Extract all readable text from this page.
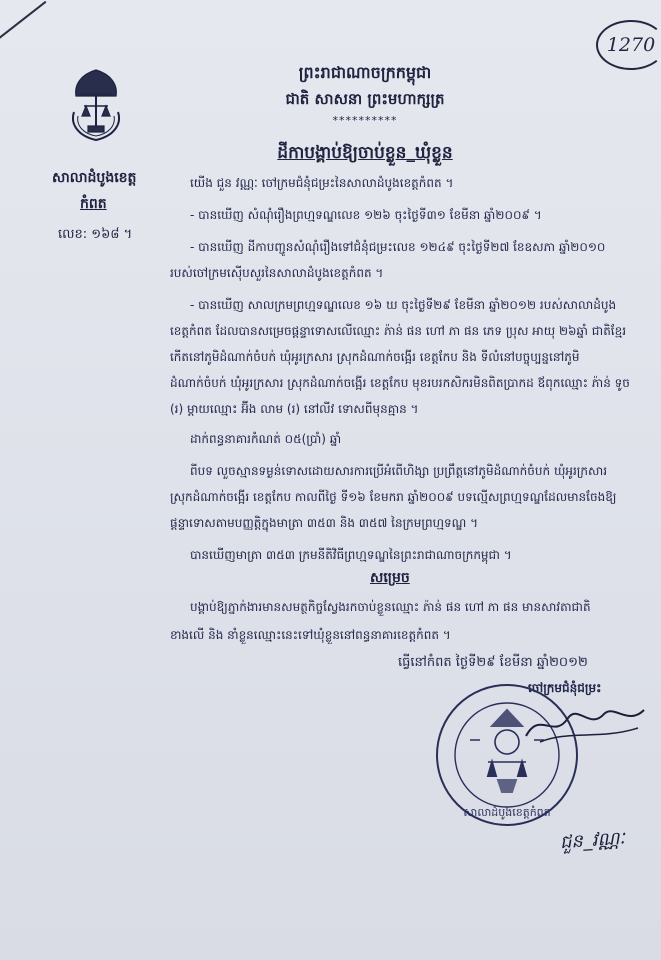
1270
សាលាដំបូងខេត្ត
កំពត
លេខ: ១៦៨ ។
ព្រះរាជាណាចក្រកម្ពុជា
ជាតិ សាសនា ព្រះមហាក្សត្រ
**********
ដីកាបង្គាប់ឱ្យចាប់ខ្លួន_ឃុំខ្លួន
យើង ជួន វណ្ណៈ ចៅក្រមជំនុំជម្រះនៃសាលាដំបូងខេត្តកំពត ។
- បានឃើញ សំណុំរឿងព្រហ្មទណ្ឌលេខ ១២៦ ចុះថ្ងៃទី៣១ ខែមីនា ឆ្នាំ២០០៩ ។
- បានឃើញ ដីកាបញ្ជូនសំណុំរឿងទៅជំនុំជម្រះលេខ ១២៤៩ ចុះថ្ងៃទី២៧ ខែឧសភា ឆ្នាំ២០១០
របស់ចៅក្រមស៊ើបសួរនៃសាលាដំបូងខេត្តកំពត ។
- បានឃើញ សាលក្រមព្រហ្មទណ្ឌលេខ ១៦ ឃ ចុះថ្ងៃទី២៩ ខែមីនា ឆ្នាំ២០១២ របស់សាលាដំបូង
ខេត្តកំពត ដែលបានសម្រេចផ្តន្ទាទោសលើឈ្មោះ ភ៉ាន់ ផន ហៅ ភា ផន ភេទ ប្រុស អាយុ ២៦ឆ្នាំ ជាតិខ្មែរ
កើតនៅភូមិដំណាក់ចំបក់ ឃុំអូរក្រសារ ស្រុកដំណាក់ចង្អើរ ខេត្តកែប និង ទីលំនៅបច្ចុប្បន្ននៅភូមិ
ដំណាក់ចំបក់ ឃុំអូរក្រសារ ស្រុកដំណាក់ចង្អើរ ខេត្តកែប មុខរបរកសិករមិនពិតប្រាកដ ឪពុកឈ្មោះ ភ៉ាន់ ទូច
(រ) ម្តាយឈ្មោះ អ៊ីង លាម (រ) នៅលីវ ទោសពីមុនគ្មាន ។
ដាក់ពន្ធនាគារកំណត់ ០៥(ប្រាំ) ឆ្នាំ
ពីបទ លួចស្មានទម្ងន់ទោសដោយសារការប្រើអំពើហិង្សា ប្រព្រឹត្តនៅភូមិដំណាក់ចំបក់ ឃុំអូរក្រសារ
ស្រុកដំណាក់ចង្អើរ ខេត្តកែប កាលពីថ្ងៃ ទី១៦ ខែមករា ឆ្នាំ២០០៩ បទល្មើសព្រហ្មទណ្ឌដែលមានចែងឱ្យ
ផ្តន្ទាទោសតាមបញ្ញត្តិក្នុងមាត្រា ៣៥៣ និង ៣៥៧ នៃក្រមព្រហ្មទណ្ឌ ។
បានឃើញមាត្រា ៣៥៣ ក្រមនីតិវិធីព្រហ្មទណ្ឌនៃព្រះរាជាណាចក្រកម្ពុជា ។
សម្រេច
បង្គាប់ឱ្យភ្នាក់ងារមានសមត្ថកិច្ចស្វែងរកចាប់ខ្លួនឈ្មោះ ភ៉ាន់ ផន ហៅ ភា ផន មានសាវតាជាតិ
ខាងលើ និង នាំខ្លួនឈ្មោះនេះទៅឃុំខ្លួននៅពន្ធនាគារខេត្តកំពត ។
ធ្វើនៅកំពត ថ្ងៃទី២៩ ខែមីនា ឆ្នាំ២០១២
ចៅក្រមជំនុំជម្រះ
សាលាដំបូងខេត្តកំពត
ជួន_វណ្ណៈ
